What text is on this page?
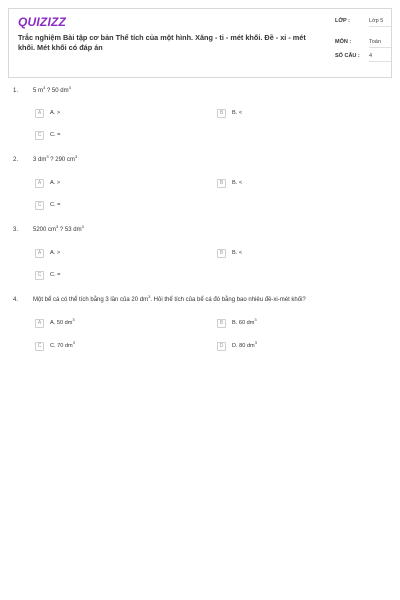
QUIZIZZ
Trắc nghiệm Bài tập cơ bản Thể tích của một hình. Xăng - ti - mét khối. Đề - xi - mét khối. Mét khối có đáp án
LỚP :	Lớp 5
MÔN :	Toán
SỐ CÂU : 4
1. 5 $m^3$ ? 50 $dm^3$
A	A. >	B	B. <
C	C. =
2. 3 $dm^3$ ? 290 $cm^3$
A	A. >	B	B. <
C	C. =
3. 5200 $cm^3$ ? 53 $dm^3$
A	A. >	B	B. <
C	C. =
4. Một bể cá có thể tích bằng 3 lần của 20 $dm^3$. Hỏi thể tích của bể cá đó bằng bao nhiêu đề-xi-mét khối?
A	A. 50 $dm^3$
B	B. 60 $dm^3$
C	C. 70 $dm^3$
D	D. 80 $dm^3$
